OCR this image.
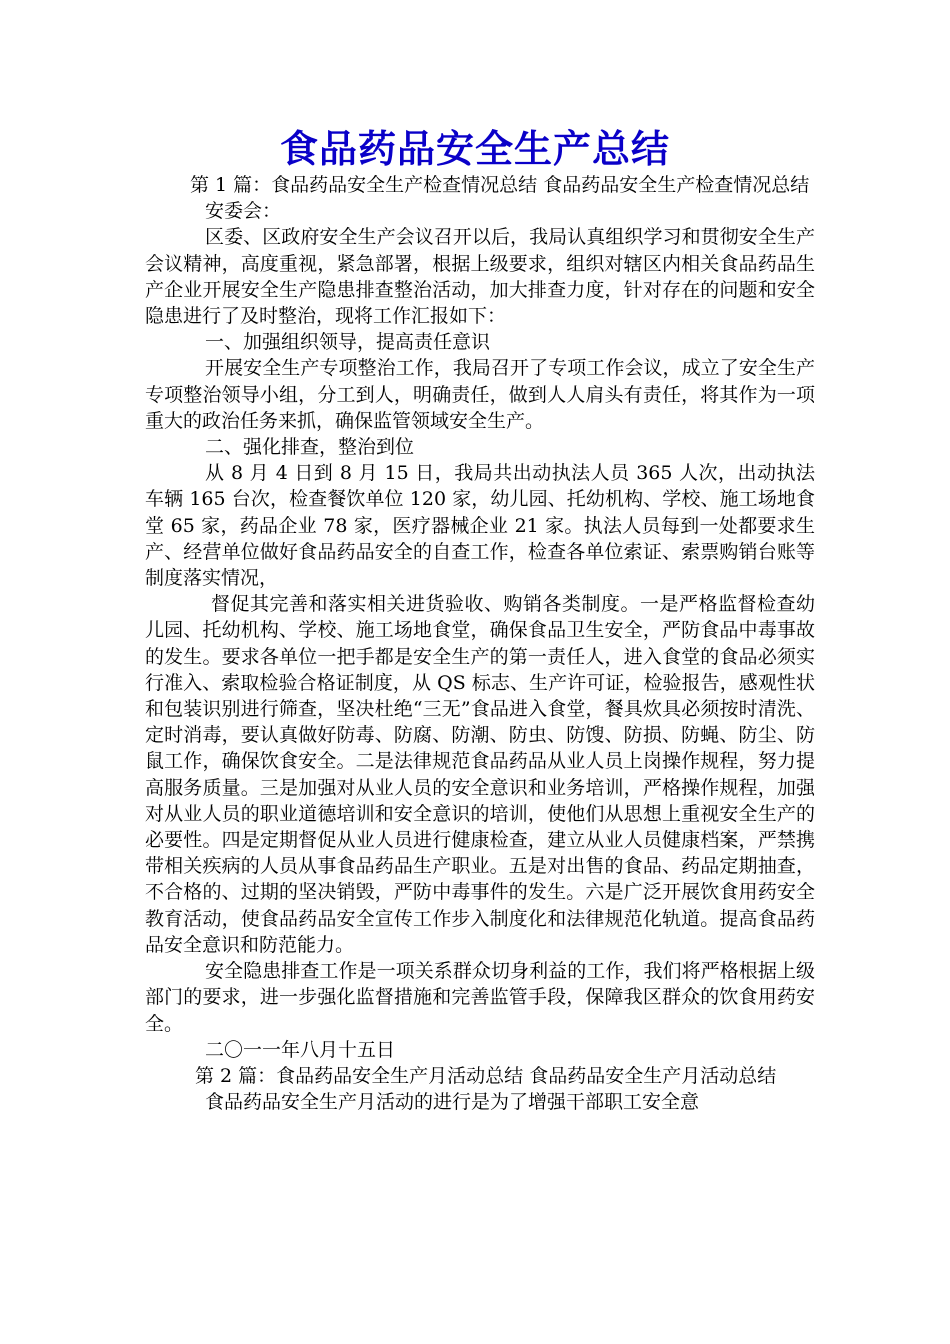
食品药品安全生产总结

第 1 篇：食品药品安全生产检查情况总结 食品药品安全生产检查情况总结

安委会：

区委、区政府安全生产会议召开以后，我局认真组织学习和贯彻安全生产会议精神，高度重视，紧急部署，根据上级要求，组织对辖区内相关食品药品生产企业开展安全生产隐患排查整治活动，加大排查力度，针对存在的问题和安全隐患进行了及时整治，现将工作汇报如下：

一、加强组织领导，提高责任意识

开展安全生产专项整治工作，我局召开了专项工作会议，成立了安全生产专项整治领导小组，分工到人，明确责任，做到人人肩头有责任，将其作为一项重大的政治任务来抓，确保监管领域安全生产。

二、强化排查，整治到位

从 8 月 4 日到 8 月 15 日，我局共出动执法人员 365 人次，出动执法车辆 165 台次，检查餐饮单位 120 家，幼儿园、托幼机构、学校、施工场地食堂 65 家，药品企业 78 家，医疗器械企业 21 家。执法人员每到一处都要求生产、经营单位做好食品药品安全的自查工作，检查各单位索证、索票购销台账等制度落实情况，

督促其完善和落实相关进货验收、购销各类制度。一是严格监督检查幼儿园、托幼机构、学校、施工场地食堂，确保食品卫生安全，严防食品中毒事故的发生。要求各单位一把手都是安全生产的第一责任人，进入食堂的食品必须实行准入、索取检验合格证制度，从 QS 标志、生产许可证，检验报告，感观性状和包装识别进行筛查，坚决杜绝“三无”食品进入食堂，餐具炊具必须按时清洗、定时消毒，要认真做好防毒、防腐、防潮、防虫、防馊、防损、防蝇、防尘、防鼠工作，确保饮食安全。二是法律规范食品药品从业人员上岗操作规程，努力提高服务质量。三是加强对从业人员的安全意识和业务培训，严格操作规程，加强对从业人员的职业道德培训和安全意识的培训，使他们从思想上重视安全生产的必要性。四是定期督促从业人员进行健康检查，建立从业人员健康档案，严禁携带相关疾病的人员从事食品药品生产职业。五是对出售的食品、药品定期抽查，不合格的、过期的坚决销毁，严防中毒事件的发生。六是广泛开展饮食用药安全教育活动，使食品药品安全宣传工作步入制度化和法律规范化轨道。提高食品药品安全意识和防范能力。

安全隐患排查工作是一项关系群众切身利益的工作，我们将严格根据上级部门的要求，进一步强化监督措施和完善监管手段，保障我区群众的饮食用药安全。

二〇一一年八月十五日

第 2 篇：食品药品安全生产月活动总结 食品药品安全生产月活动总结

食品药品安全生产月活动的进行是为了增强干部职工安全意
